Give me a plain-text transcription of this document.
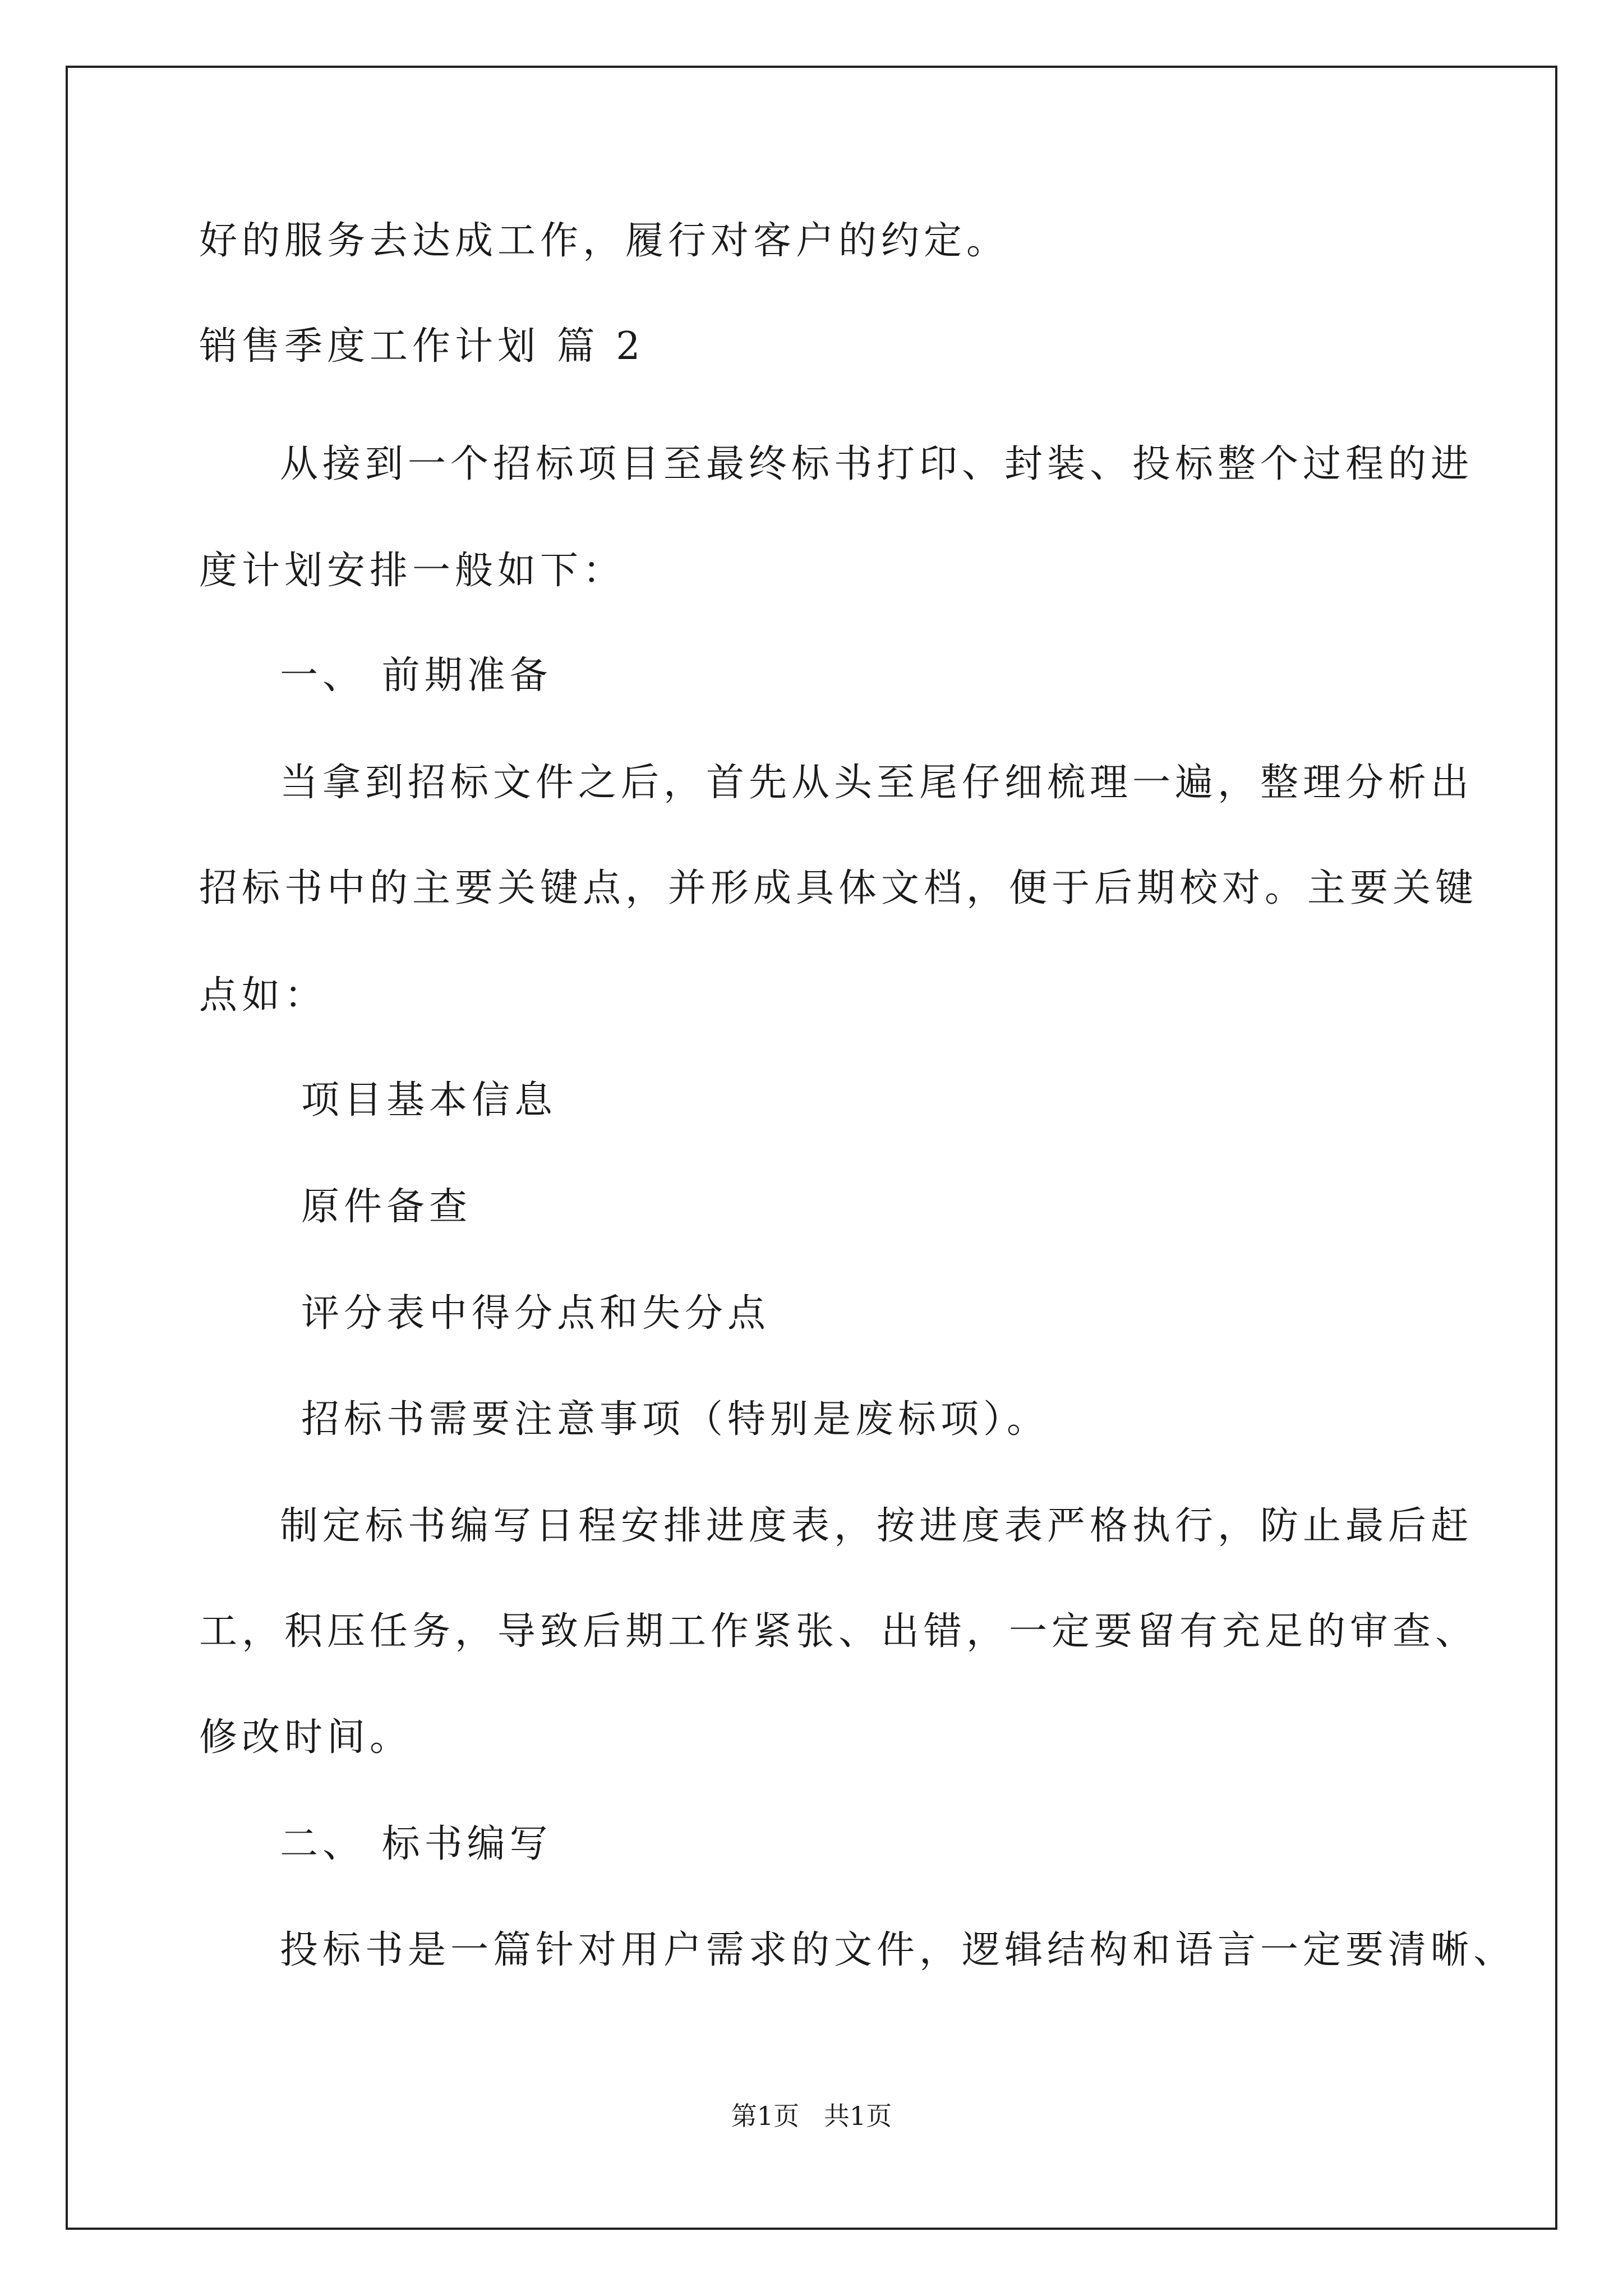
好的服务去达成工作，履行对客户的约定。
销售季度工作计划 篇 2
从接到一个招标项目至最终标书打印、封装、投标整个过程的进
度计划安排一般如下：
一、 前期准备
当拿到招标文件之后，首先从头至尾仔细梳理一遍，整理分析出
招标书中的主要关键点，并形成具体文档，便于后期校对。主要关键
点如：
项目基本信息
原件备查
评分表中得分点和失分点
招标书需要注意事项（特别是废标项）。
制定标书编写日程安排进度表，按进度表严格执行，防止最后赶
工，积压任务，导致后期工作紧张、出错，一定要留有充足的审查、
修改时间。
二、 标书编写
投标书是一篇针对用户需求的文件，逻辑结构和语言一定要清晰、
第1页   共1页
